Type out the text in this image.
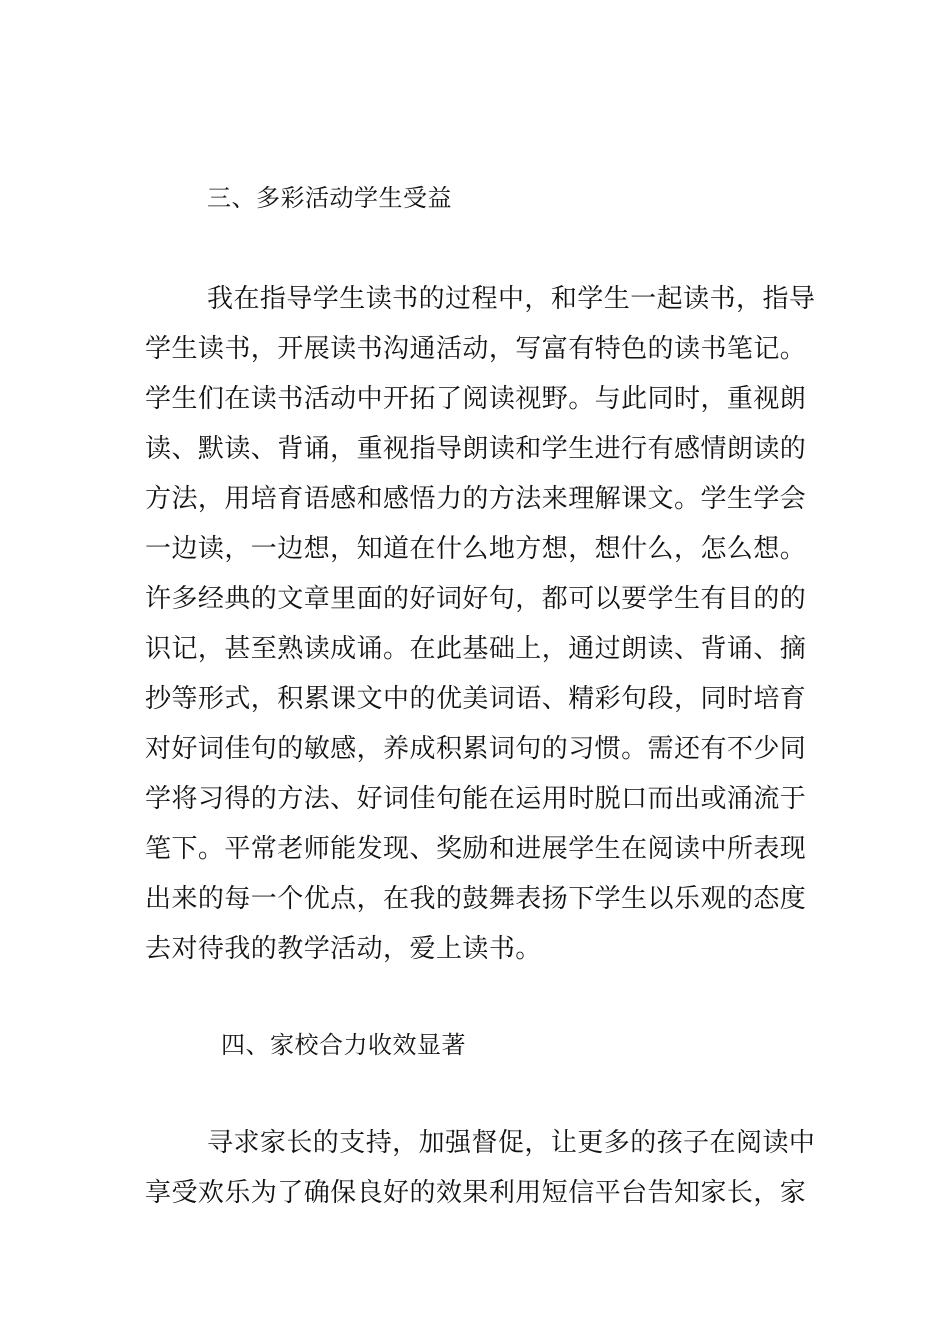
三、多彩活动学生受益
我在指导学生读书的过程中，和学生一起读书，指导
学生读书，开展读书沟通活动，写富有特色的读书笔记。
学生们在读书活动中开拓了阅读视野。与此同时，重视朗
读、默读、背诵，重视指导朗读和学生进行有感情朗读的
方法，用培育语感和感悟力的方法来理解课文。学生学会
一边读，一边想，知道在什么地方想，想什么，怎么想。
许多经典的文章里面的好词好句，都可以要学生有目的的
识记，甚至熟读成诵。在此基础上，通过朗读、背诵、摘
抄等形式，积累课文中的优美词语、精彩句段，同时培育
对好词佳句的敏感，养成积累词句的习惯。需还有不少同
学将习得的方法、好词佳句能在运用时脱口而出或涌流于
笔下。平常老师能发现、奖励和进展学生在阅读中所表现
出来的每一个优点，在我的鼓舞表扬下学生以乐观的态度
去对待我的教学活动，爱上读书。
四、家校合力收效显著
寻求家长的支持，加强督促，让更多的孩子在阅读中
享受欢乐为了确保良好的效果利用短信平台告知家长，家
